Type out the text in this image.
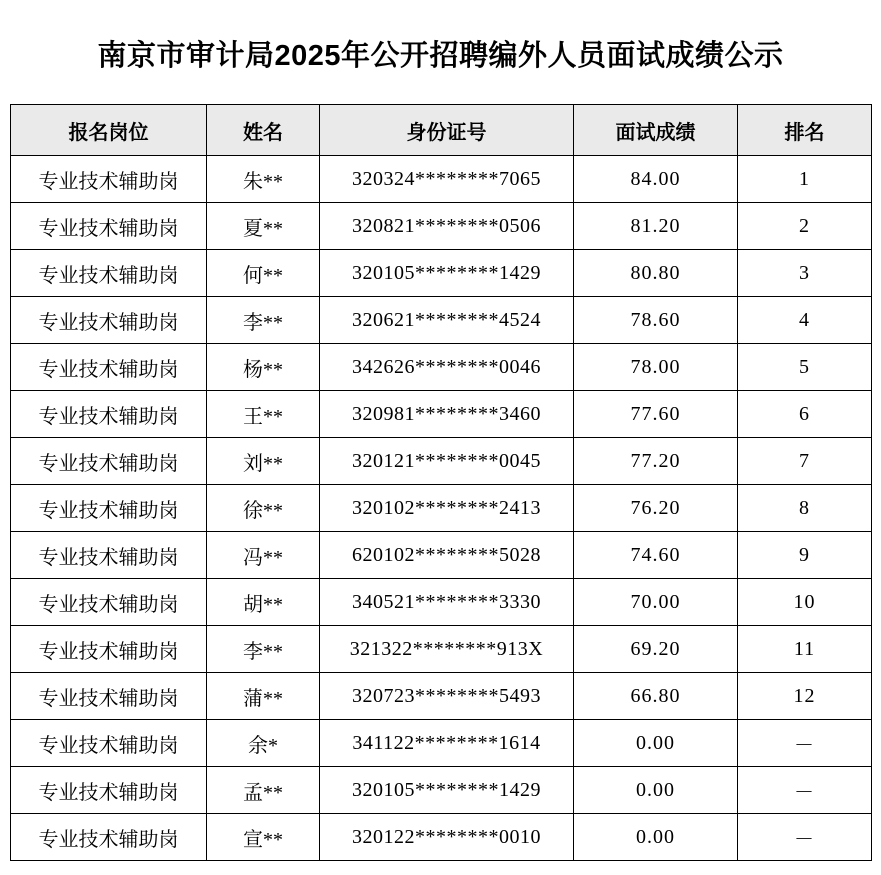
南京市审计局2025年公开招聘编外人员面试成绩公示
报名岗位	姓名	身份证号	面试成绩	排名
专业技术辅助岗	朱**	320324********7065	84.00	1
专业技术辅助岗	夏**	320821********0506	81.20	2
专业技术辅助岗	何**	320105********1429	80.80	3
专业技术辅助岗	李**	320621********4524	78.60	4
专业技术辅助岗	杨**	342626********0046	78.00	5
专业技术辅助岗	王**	320981********3460	77.60	6
专业技术辅助岗	刘**	320121********0045	77.20	7
专业技术辅助岗	徐**	320102********2413	76.20	8
专业技术辅助岗	冯**	620102********5028	74.60	9
专业技术辅助岗	胡**	340521********3330	70.00	10
专业技术辅助岗	李**	321322********913X	69.20	11
专业技术辅助岗	蒲**	320723********5493	66.80	12
专业技术辅助岗	余*	341122********1614	0.00	－
专业技术辅助岗	孟**	320105********1429	0.00	－
专业技术辅助岗	宣**	320122********0010	0.00	－
